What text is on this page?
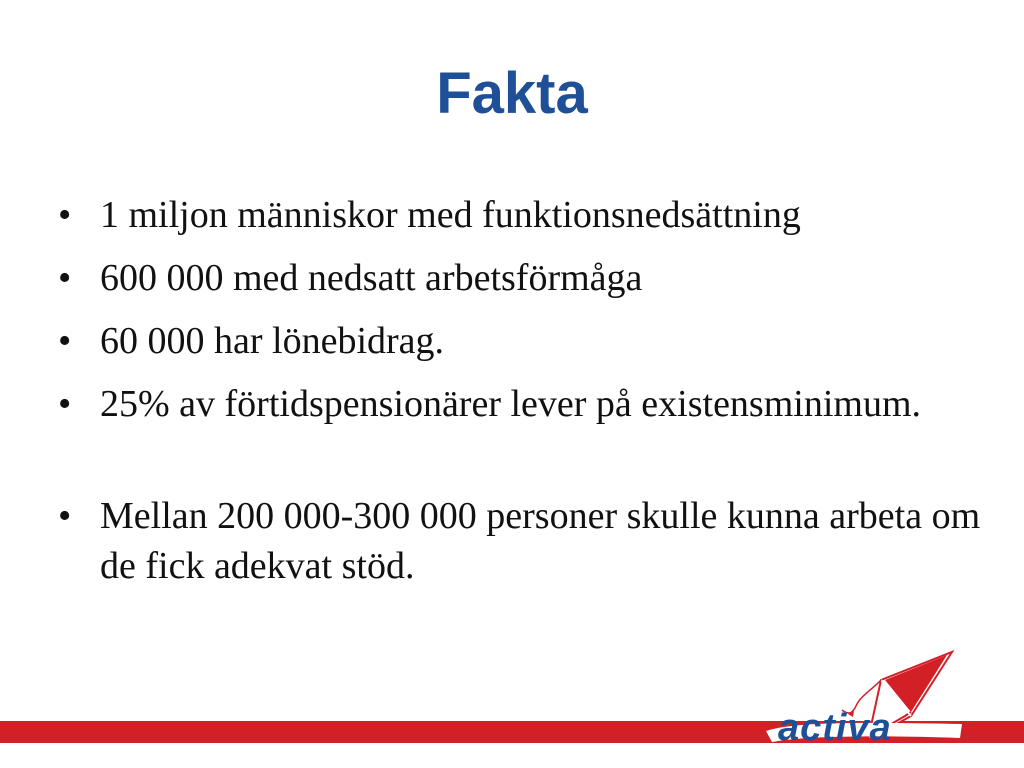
Fakta
• 1 miljon människor med funktionsnedsättning
• 600 000 med nedsatt arbetsförmåga
• 60 000 har lönebidrag.
• 25% av förtidspensionärer lever på existensminimum.
• Mellan 200 000-300 000 personer skulle kunna arbeta om de fick adekvat stöd.
activa
